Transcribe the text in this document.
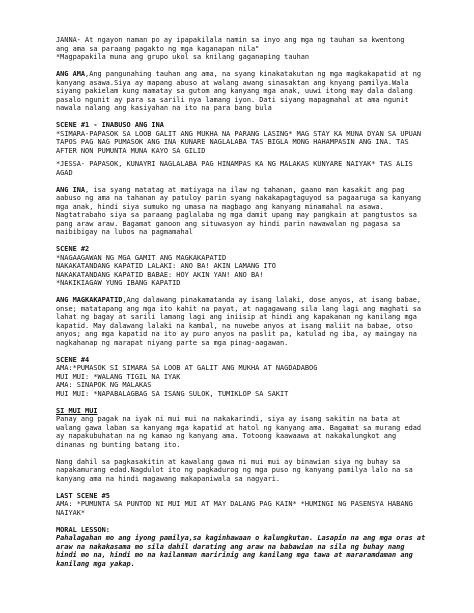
JANNA- At ngayon naman po ay ipapakilala namin sa inyo ang mga ng tauhan sa kwentong
ang ama sa paraang pagakto ng mga kaganapan nila"
*Magpapakila muna ang grupo ukol sa knilang gaganaping tauhan

ANG AMA,Ang pangunahing tauhan ang ama, na syang kinakatakutan ng mga magkakapatid at ng kanyang asawa.Siya ay mapang abuso at walang awang sinasaktan ang knyang pamilya.Wala siyang pakielam kung mamatay sa gutom ang kanyang mga anak, uuwi itong may dala dalang pasalo ngunit ay para sa sarili nya lamang iyon. Dati siyang mapagmahal at ama ngunit nawala nalang ang kasiyahan na ito na para bang bula

SCENE #1 - INABUSO ANG INA
*SIMARA-PAPASOK SA LOOB GALIT ANG MUKHA NA PARANG LASING* MAG STAY KA MUNA DYAN SA UPUAN TAPOS PAG NAG PUMASOK ANG INA KUNARE NAGLALABA TAS BIGLA MONG HAHAMPASIN ANG INA. TAS AFTER NON PUMUNTA MUNA KAYO SA GILID
*JESSA- PAPASOK, KUNAYRI NAGLALABA PAG HINAMPAS KA NG MALAKAS KUNYARE NAIYAK* TAS ALIS AGAD

ANG INA, isa syang matatag at matiyaga na ilaw ng tahanan, gaano man kasakit ang pag aabuso ng ama na tahanan ay patuloy parin syang nakakapagtaguyod sa pagaaruga sa kanyang mga anak, hindi siya sumuko ng umasa na magbago ang kanyang minamahal na asawa. Nagtatrabaho siya sa paraang paglalaba ng mga damit upang may pangkain at pangtustos sa pang araw araw. Bagamat ganoon ang situwasyon ay hindi parin nawawalan ng pagasa sa maibibigay na lubos na pagmamahal

SCENE #2
*NAGAAGAWAN NG MGA GAMIT ANG MAGKAKAPATID
NAKAKATANDANG KAPATID LALAKI: ANO BA! AKIN LAMANG ITO
NAKAKATANDANG KAPATID BABAE: HOY AKIN YAN! ANO BA!
*NAKIKIAGAW YUNG IBANG KAPATID

ANG MAGKAKAPATID,Ang dalawang pinakamatanda ay isang lalaki, dose anyos, at isang babae, onse; matatapang ang mga ito kahit na payat, at nagagawang sila lang lagi ang maghati sa lahat ng bagay at sarili lamang lagi ang iniisip at hindi ang kapakanan ng kanilang mga kapatid. May dalawang lalaki na kambal, na nuwebe anyos at isang maliit na babae, otso anyos; ang mga kapatid na ito ay puro anyos na paslit pa, katulad ng iba, ay maingay na nagkahanap ng marapat niyang parte sa mga pinag-aagawan.

SCENE #4
AMA:*PUMASOK SI SIMARA SA LOOB AT GALIT ANG MUKHA AT NAGDADABOG
MUI MUI: *WALANG TIGIL NA IYAK
AMA: SINAPOK NG MALAKAS
MUI MUI: *NAPABALAGBAG SA ISANG SULOK, TUMIKLOP SA SAKIT
SI MUI MUI

Panay ang pagak na iyak ni mui mui na nakakarindi, siya ay isang sakitin na bata at walang gawa laban sa kanyang mga kapatid at hatol ng kanyang ama. Bagamat sa murang edad ay napakubuhatan na ng kamao ng kanyang ama. Totoong kaawaawa at nakakalungkot ang dinanas ng bunting batang ito.

Nang dahil sa pagkasakitin at kawalang gawa ni mui mui ay binawian siya ng buhay sa napakamurang edad.Nagdulot ito ng pagkadurog ng mga puso ng kanyang pamilya lalo na sa kanyang ama na hindi magawang makapaniwala sa nagyari.

LAST SCENE #5
AMA: *PUMUNTA SA PUNTOD NI MUI MUI AT MAY DALANG PAG KAIN* *HUMINGI NG PASENSYA HABANG NAIYAK*
MORAL LESSON:

Pahalagahan mo ang iyong pamilya,sa kaginhawaan o kalungkutan. Lasapin na ang mga oras at araw na nakakasama mo sila dahil darating ang araw na babawian na sila ng buhay nang hindi mo na, hindi mo na kailanman maririnig ang kanilang mga tawa at mararamdaman ang kanilang mga yakap.
